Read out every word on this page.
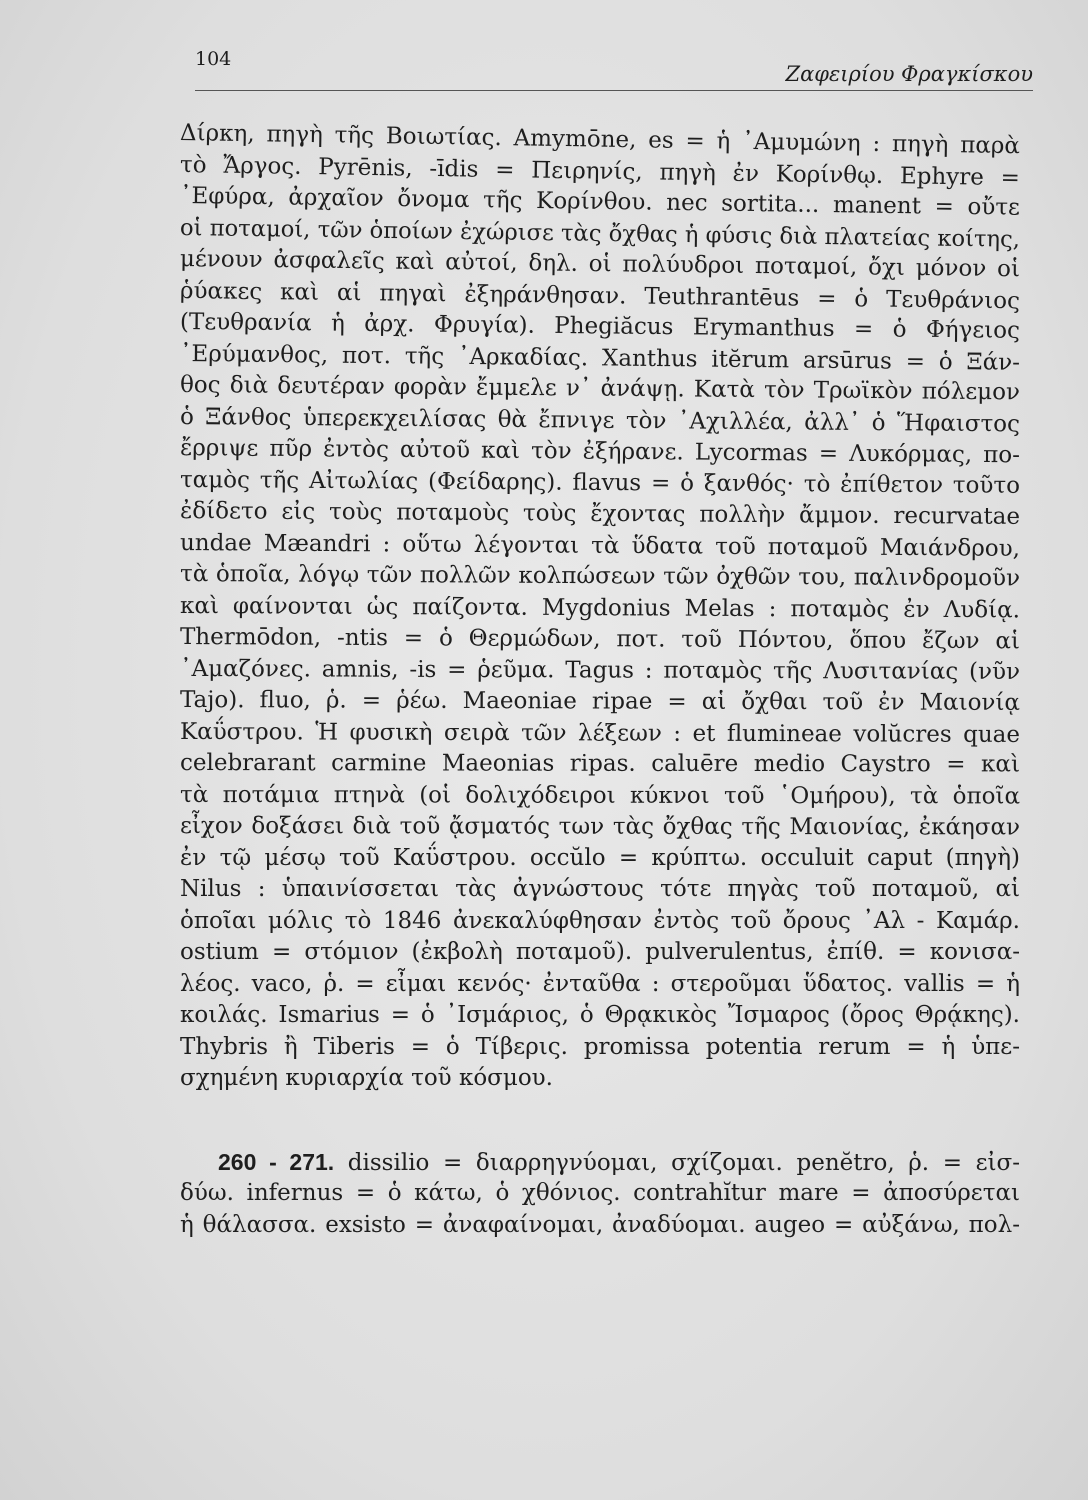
104
Ζαφειρίου Φραγκίσκου
Δίρκη, πηγὴ τῆς Βοιωτίας. Amymōne, es = ἡ ᾿Αμυμώνη : πηγὴ παρὰ
τὸ Ἄργος. Pyrēnis, -īdis = Πειρηνίς, πηγὴ ἐν Κορίνθῳ. Ephyre =
᾿Εφύρα, ἀρχαῖον ὄνομα τῆς Κορίνθου. nec sortita... manent = οὔτε
οἱ ποταμοί, τῶν ὁποίων ἐχώρισε τὰς ὄχθας ἡ φύσις διὰ πλατείας κοίτης,
μένουν ἀσφαλεῖς καὶ αὐτοί, δηλ. οἱ πολύυδροι ποταμοί, ὄχι μόνον οἱ
ῥύακες καὶ αἱ πηγαὶ ἐξηράνθησαν. Teuthrantēus = ὁ Τευθράνιος
(Τευθρανία ἡ ἀρχ. Φρυγία). Phegiăcus Erymanthus = ὁ Φήγειος
᾿Ερύμανθος, ποτ. τῆς ᾿Αρκαδίας. Xanthus itĕrum arsūrus = ὁ Ξάν-
θος διὰ δευτέραν φορὰν ἔμμελε ν᾿ ἀνάψῃ. Κατὰ τὸν Τρωϊκὸν πόλεμον
ὁ Ξάνθος ὑπερεκχειλίσας θὰ ἔπνιγε τὸν ᾿Αχιλλέα, ἀλλ᾿ ὁ Ἥφαιστος
ἔρριψε πῦρ ἐντὸς αὐτοῦ καὶ τὸν ἐξήρανε. Lycormas = Λυκόρμας, πο-
ταμὸς τῆς Αἰτωλίας (Φείδαρης). flavus = ὁ ξανθός· τὸ ἐπίθετον τοῦτο
ἐδίδετο εἰς τοὺς ποταμοὺς τοὺς ἔχοντας πολλὴν ἄμμον. recurvatae
undae Mæandri : οὕτω λέγονται τὰ ὕδατα τοῦ ποταμοῦ Μαιάνδρου,
τὰ ὁποῖα, λόγῳ τῶν πολλῶν κολπώσεων τῶν ὀχθῶν του, παλινδρομοῦν
καὶ φαίνονται ὡς παίζοντα. Mygdonius Melas : ποταμὸς ἐν Λυδίᾳ.
Thermōdon, -ntis = ὁ Θερμώδων, ποτ. τοῦ Πόντου, ὅπου ἔζων αἱ
᾿Αμαζόνες. amnis, -is = ῥεῦμα. Tagus : ποταμὸς τῆς Λυσιτανίας (νῦν
Tajo). fluo, ῥ. = ῥέω. Maeoniae ripae = αἱ ὄχθαι τοῦ ἐν Μαιονίᾳ
Καΰστρου. Ἡ φυσικὴ σειρὰ τῶν λέξεων : et flumineae volŭcres quae
celebrarant carmine Maeonias ripas. caluēre medio Caystro = καὶ
τὰ ποτάμια πτηνὰ (οἱ δολιχόδειροι κύκνοι τοῦ ῾Ομήρου), τὰ ὁποῖα
εἶχον δοξάσει διὰ τοῦ ᾄσματός των τὰς ὄχθας τῆς Μαιονίας, ἐκάησαν
ἐν τῷ μέσῳ τοῦ Καΰστρου. occŭlo = κρύπτω. occuluit caput (πηγὴ)
Nilus : ὑπαινίσσεται τὰς ἀγνώστους τότε πηγὰς τοῦ ποταμοῦ, αἱ
ὁποῖαι μόλις τὸ 1846 ἀνεκαλύφθησαν ἐντὸς τοῦ ὄρους ᾿Αλ - Καμάρ.
ostium = στόμιον (ἐκβολὴ ποταμοῦ). pulverulentus, ἐπίθ. = κονισα-
λέος. vaco, ῥ. = εἶμαι κενός· ἐνταῦθα : στεροῦμαι ὕδατος. vallis = ἡ
κοιλάς. Ismarius = ὁ ᾿Ισμάριος, ὁ Θρᾳκικὸς Ἴσμαρος (ὄρος Θρᾴκης).
Thybris ἢ Tiberis = ὁ Τίβερις. promissa potentia rerum = ἡ ὑπε-
σχημένη κυριαρχία τοῦ κόσμου.
260 - 271. dissilio = διαρρηγνύομαι, σχίζομαι. penĕtro, ῥ. = εἰσ-
δύω. infernus = ὁ κάτω, ὁ χθόνιος. contrahĭtur mare = ἀποσύρεται
ἡ θάλασσα. exsisto = ἀναφαίνομαι, ἀναδύομαι. augeo = αὐξάνω, πολ-
